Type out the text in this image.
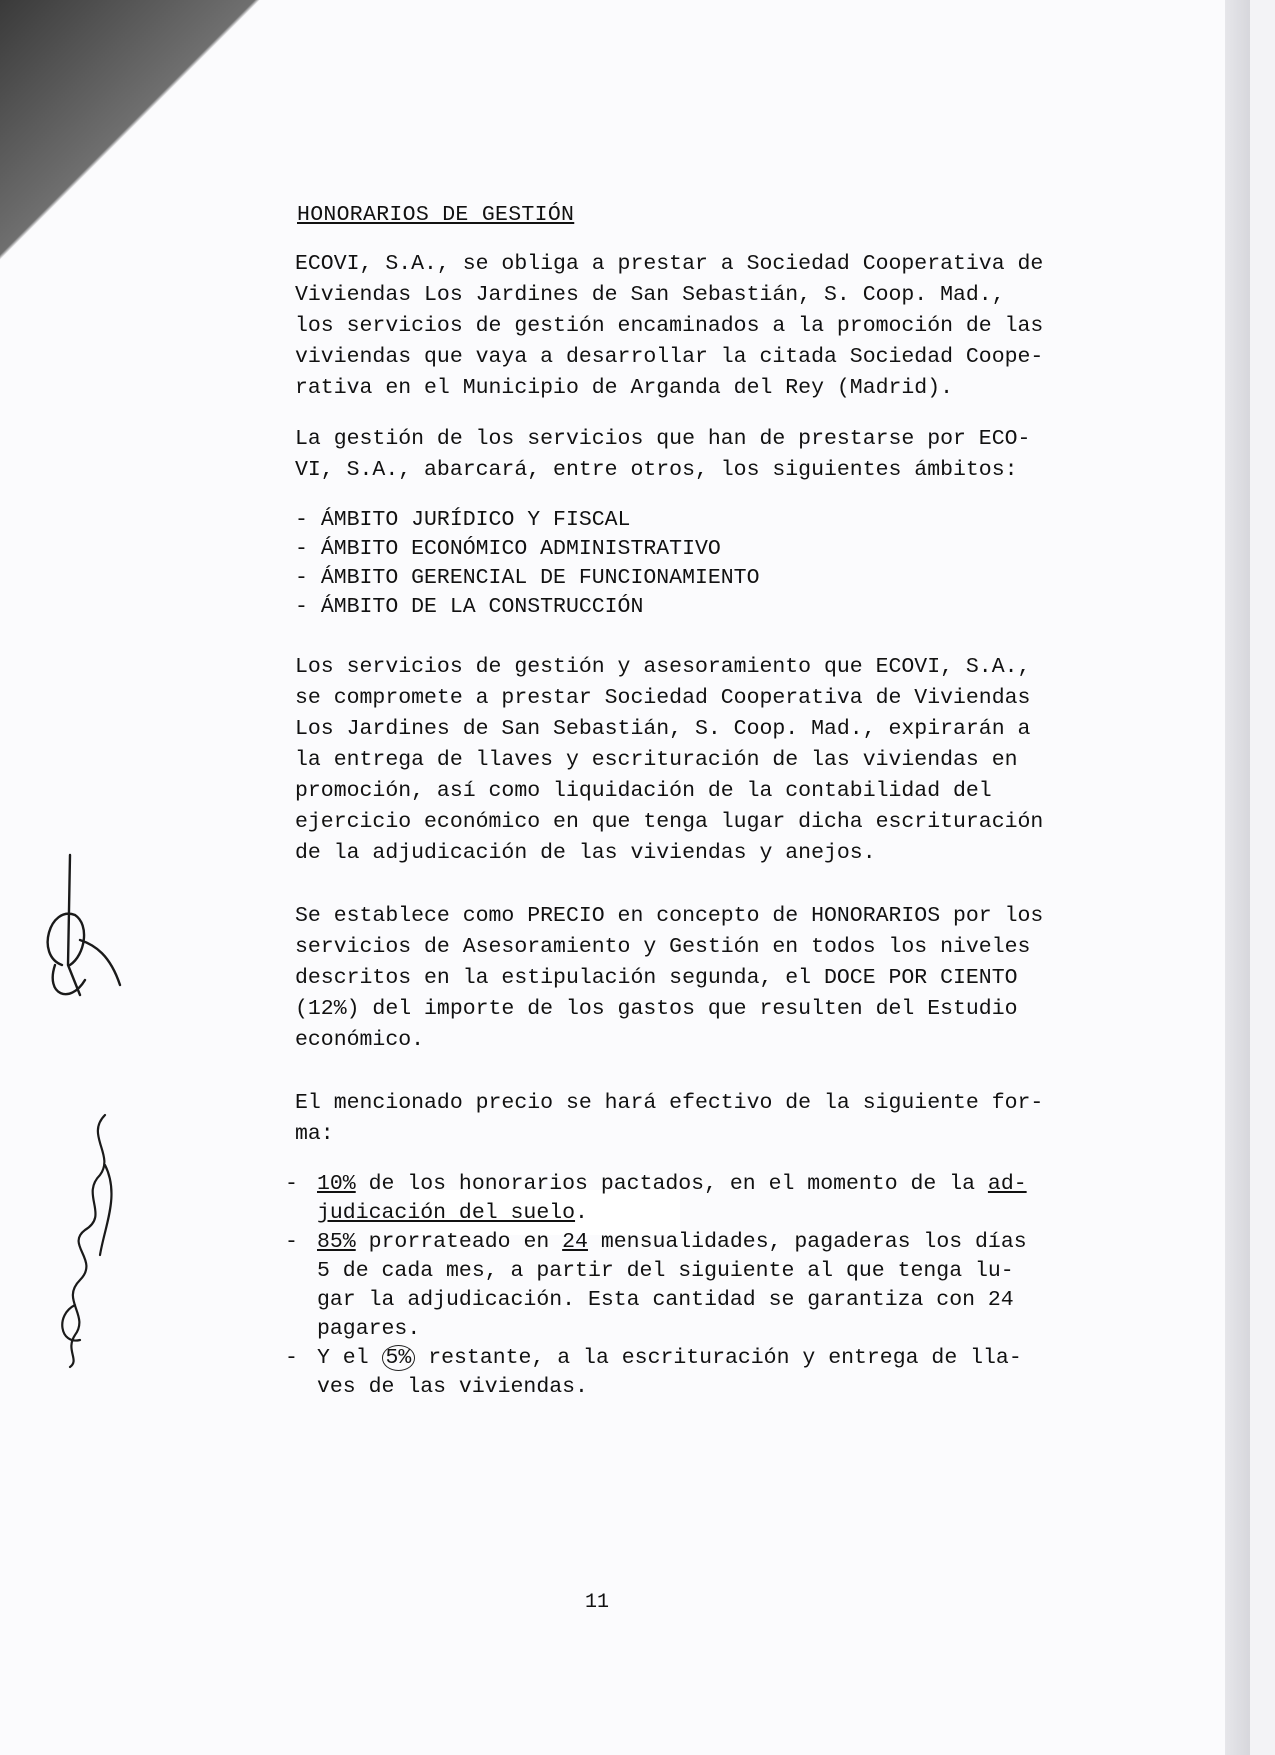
HONORARIOS DE GESTIÓN

ECOVI, S.A., se obliga a prestar a Sociedad Cooperativa de
Viviendas Los Jardines de San Sebastián, S. Coop. Mad.,
los servicios de gestión encaminados a la promoción de las
viviendas que vaya a desarrollar la citada Sociedad Coope-
rativa en el Municipio de Arganda del Rey (Madrid).

La gestión de los servicios que han de prestarse por ECO-
VI, S.A., abarcará, entre otros, los siguientes ámbitos:

- ÁMBITO JURÍDICO Y FISCAL
- ÁMBITO ECONÓMICO ADMINISTRATIVO
- ÁMBITO GERENCIAL DE FUNCIONAMIENTO
- ÁMBITO DE LA CONSTRUCCIÓN

Los servicios de gestión y asesoramiento que ECOVI, S.A.,
se compromete a prestar Sociedad Cooperativa de Viviendas
Los Jardines de San Sebastián, S. Coop. Mad., expirarán a
la entrega de llaves y escrituración de las viviendas en
promoción, así como liquidación de la contabilidad del
ejercicio económico en que tenga lugar dicha escrituración
de la adjudicación de las viviendas y anejos.

Se establece como PRECIO en concepto de HONORARIOS por los
servicios de Asesoramiento y Gestión en todos los niveles
descritos en la estipulación segunda, el DOCE POR CIENTO
(12%) del importe de los gastos que resulten del Estudio
económico.

El mencionado precio se hará efectivo de la siguiente for-
ma:

- 10% de los honorarios pactados, en el momento de la ad-
judicación del suelo.
- 85% prorrateado en 24 mensualidades, pagaderas los días
5 de cada mes, a partir del siguiente al que tenga lu-
gar la adjudicación. Esta cantidad se garantiza con 24
pagares.
- Y el 5% restante, a la escrituración y entrega de lla-
ves de las viviendas.
11
